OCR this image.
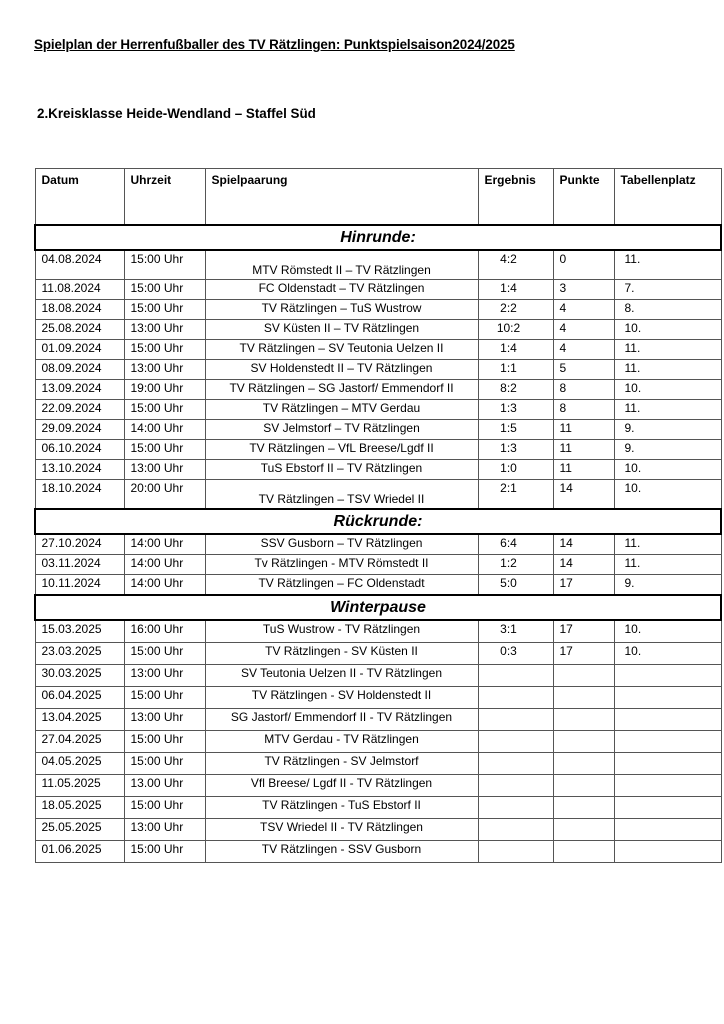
Spielplan der Herrenfußballer des TV Rätzlingen: Punktspielsaison2024/2025
2.Kreisklasse Heide-Wendland – Staffel Süd
Datum	Uhrzeit	Spielpaarung	Ergebnis	Punkte	Tabellenplatz
Hinrunde:					
04.08.2024	15:00 Uhr	MTV Römstedt II – TV Rätzlingen	4:2	0	11.
11.08.2024	15:00 Uhr	FC Oldenstadt – TV Rätzlingen	1:4	3	7.
18.08.2024	15:00 Uhr	TV Rätzlingen – TuS Wustrow	2:2	4	8.
25.08.2024	13:00 Uhr	SV Küsten II – TV Rätzlingen	10:2	4	10.
01.09.2024	15:00 Uhr	TV Rätzlingen – SV Teutonia Uelzen II	1:4	4	11.
08.09.2024	13:00 Uhr	SV Holdenstedt II – TV Rätzlingen	1:1	5	11.
13.09.2024	19:00 Uhr	TV Rätzlingen – SG Jastorf/ Emmendorf II	8:2	8	10.
22.09.2024	15:00 Uhr	TV Rätzlingen – MTV Gerdau	1:3	8	11.
29.09.2024	14:00 Uhr	SV Jelmstorf – TV Rätzlingen	1:5	11	9.
06.10.2024	15:00 Uhr	TV Rätzlingen – VfL Breese/Lgdf II	1:3	11	9.
13.10.2024	13:00 Uhr	TuS Ebstorf II – TV Rätzlingen	1:0	11	10.
18.10.2024	20:00 Uhr	TV Rätzlingen – TSV Wriedel II	2:1	14	10.
Rückrunde:					
27.10.2024	14:00 Uhr	SSV Gusborn – TV Rätzlingen	6:4	14	11.
03.11.2024	14:00 Uhr	Tv Rätzlingen - MTV Römstedt II	1:2	14	11.
10.11.2024	14:00 Uhr	TV Rätzlingen – FC Oldenstadt	5:0	17	9.
Winterpause					
15.03.2025	16:00 Uhr	TuS Wustrow - TV Rätzlingen	3:1	17	10.
23.03.2025	15:00 Uhr	TV Rätzlingen - SV Küsten II	0:3	17	10.
30.03.2025	13:00 Uhr	SV Teutonia Uelzen II - TV Rätzlingen			
06.04.2025	15:00 Uhr	TV Rätzlingen - SV Holdenstedt II			
13.04.2025	13:00 Uhr	SG Jastorf/ Emmendorf II - TV Rätzlingen			
27.04.2025	15:00 Uhr	MTV Gerdau - TV Rätzlingen			
04.05.2025	15:00 Uhr	TV Rätzlingen - SV Jelmstorf			
11.05.2025	13.00 Uhr	Vfl Breese/ Lgdf II - TV Rätzlingen			
18.05.2025	15:00 Uhr	TV Rätzlingen - TuS Ebstorf II			
25.05.2025	13:00 Uhr	TSV Wriedel II - TV Rätzlingen			
01.06.2025	15:00 Uhr	TV Rätzlingen - SSV Gusborn			
